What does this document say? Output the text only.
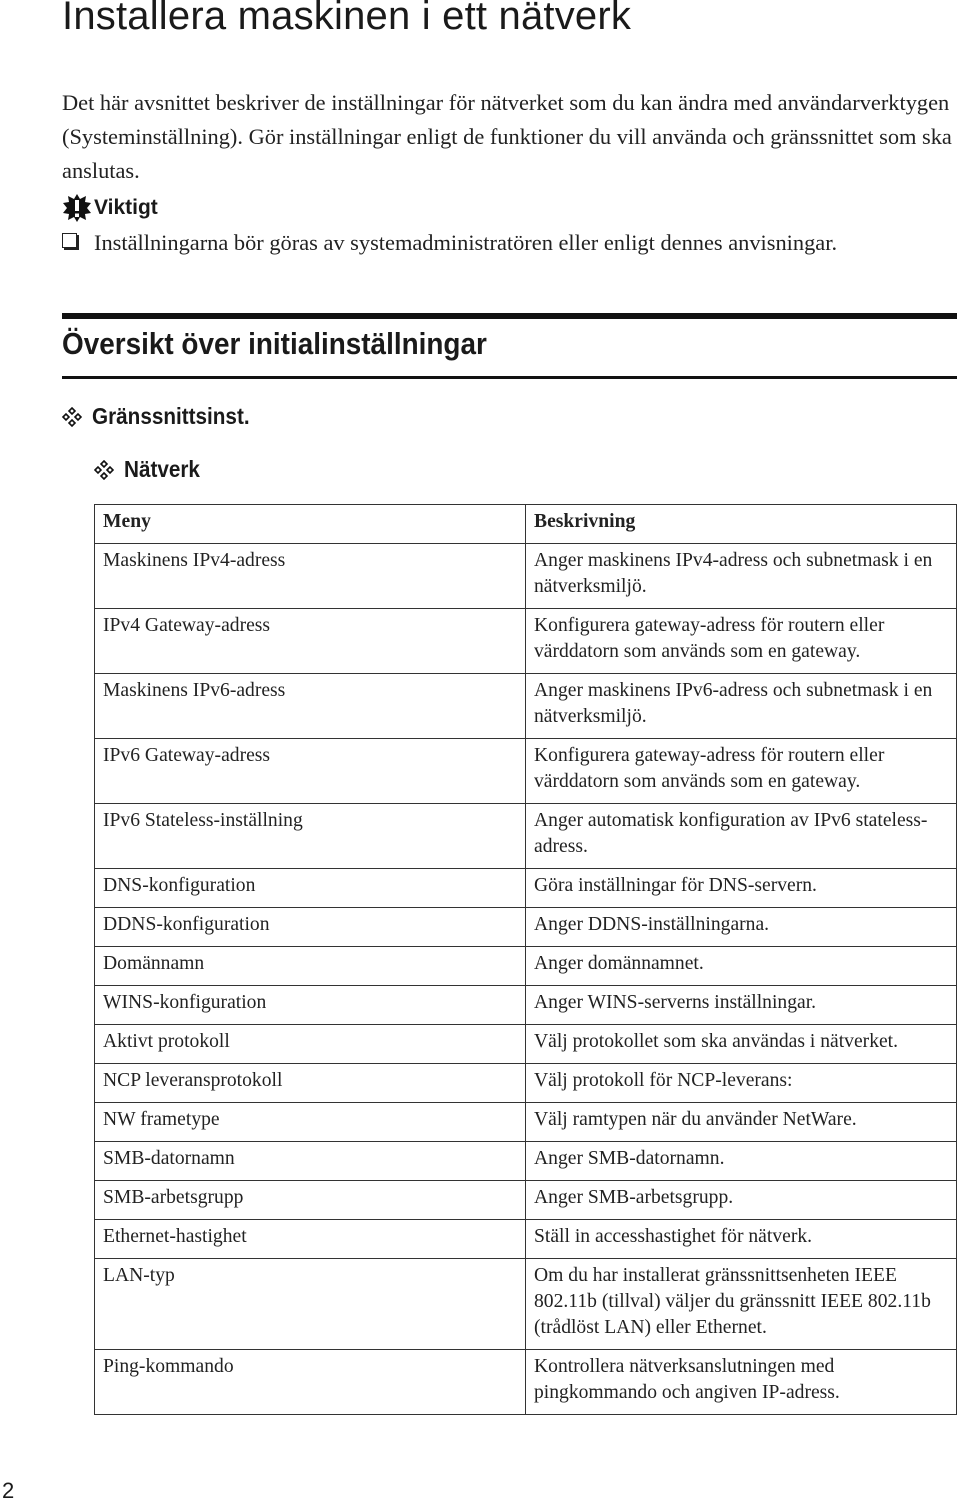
Installera maskinen i ett nätverk

Det här avsnittet beskriver de inställningar för nätverket som du kan ändra med användarverktygen (Systeminställning). Gör inställningar enligt de funktioner du vill använda och gränssnittet som ska anslutas.

Viktigt
Inställningarna bör göras av systemadministratören eller enligt dennes anvisningar.
Översikt över initialinställningar
Gränssnittsinst.
Nätverk
Meny	Beskrivning
Maskinens IPv4-adress	Anger maskinens IPv4-adress och subnetmask i en nätverksmiljö.
IPv4 Gateway-adress	Konfigurera gateway-adress för routern eller värddatorn som används som en gateway.
Maskinens IPv6-adress	Anger maskinens IPv6-adress och subnetmask i en nätverksmiljö.
IPv6 Gateway-adress	Konfigurera gateway-adress för routern eller värddatorn som används som en gateway.
IPv6 Stateless-inställning	Anger automatisk konfiguration av IPv6 stateless-adress.
DNS-konfiguration	Göra inställningar för DNS-servern.
DDNS-konfiguration	Anger DDNS-inställningarna.
Domännamn	Anger domännamnet.
WINS-konfiguration	Anger WINS-serverns inställningar.
Aktivt protokoll	Välj protokollet som ska användas i nätverket.
NCP leveransprotokoll	Välj protokoll för NCP-leverans:
NW frametype	Välj ramtypen när du använder NetWare.
SMB-datornamn	Anger SMB-datornamn.
SMB-arbetsgrupp	Anger SMB-arbetsgrupp.
Ethernet-hastighet	Ställ in accesshastighet för nätverk.
LAN-typ	Om du har installerat gränssnittsenheten IEEE 802.11b (tillval) väljer du gränssnitt IEEE 802.11b (trådlöst LAN) eller Ethernet.
Ping-kommando	Kontrollera nätverksanslutningen med pingkommando och angiven IP-adress.
2
